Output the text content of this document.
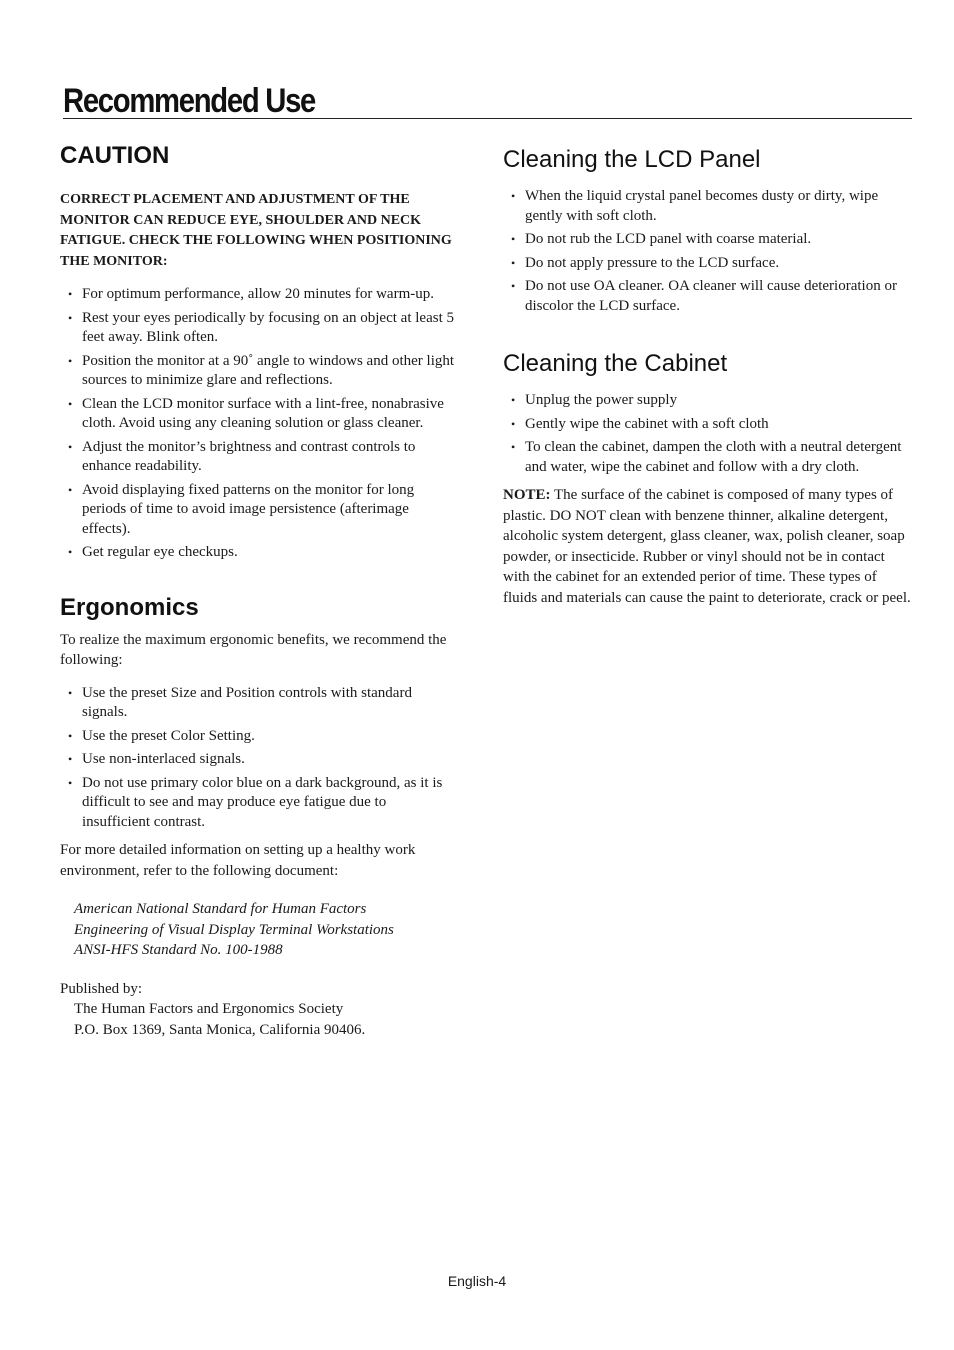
Recommended Use
CAUTION

CORRECT PLACEMENT AND ADJUSTMENT OF THE MONITOR CAN REDUCE EYE, SHOULDER AND NECK FATIGUE. CHECK THE FOLLOWING WHEN POSITIONING THE MONITOR:

• For optimum performance, allow 20 minutes for warm-up.
• Rest your eyes periodically by focusing on an object at least 5 feet away. Blink often.
• Position the monitor at a 90˚ angle to windows and other light sources to minimize glare and reflections.
• Clean the LCD monitor surface with a lint-free, nonabrasive cloth. Avoid using any cleaning solution or glass cleaner.
• Adjust the monitor’s brightness and contrast controls to enhance readability.
• Avoid displaying fixed patterns on the monitor for long periods of time to avoid image persistence (afterimage effects).
• Get regular eye checkups.
Ergonomics

To realize the maximum ergonomic benefits, we recommend the following:

• Use the preset Size and Position controls with standard signals.
• Use the preset Color Setting.
• Use non-interlaced signals.
• Do not use primary color blue on a dark background, as it is difficult to see and may produce eye fatigue due to insufficient contrast.

For more detailed information on setting up a healthy work environment, refer to the following document:

American National Standard for Human Factors

Engineering of Visual Display Terminal Workstations

ANSI-HFS Standard No. 100-1988

Published by:

The Human Factors and Ergonomics Society

P.O. Box 1369, Santa Monica, California 90406.

Cleaning the LCD Panel
• When the liquid crystal panel becomes dusty or dirty, wipe gently with soft cloth.
• Do not rub the LCD panel with coarse material.
• Do not apply pressure to the LCD surface.
• Do not use OA cleaner. OA cleaner will cause deterioration or discolor the LCD surface.
Cleaning the Cabinet
• Unplug the power supply
• Gently wipe the cabinet with a soft cloth
• To clean the cabinet, dampen the cloth with a neutral detergent and water, wipe the cabinet and follow with a dry cloth.

NOTE: The surface of the cabinet is composed of many types of plastic. DO NOT clean with benzene thinner, alkaline detergent, alcoholic system detergent, glass cleaner, wax, polish cleaner, soap powder, or insecticide. Rubber or vinyl should not be in contact with the cabinet for an extended perior of time. These types of fluids and materials can cause the paint to deteriorate, crack or peel.

English-4
